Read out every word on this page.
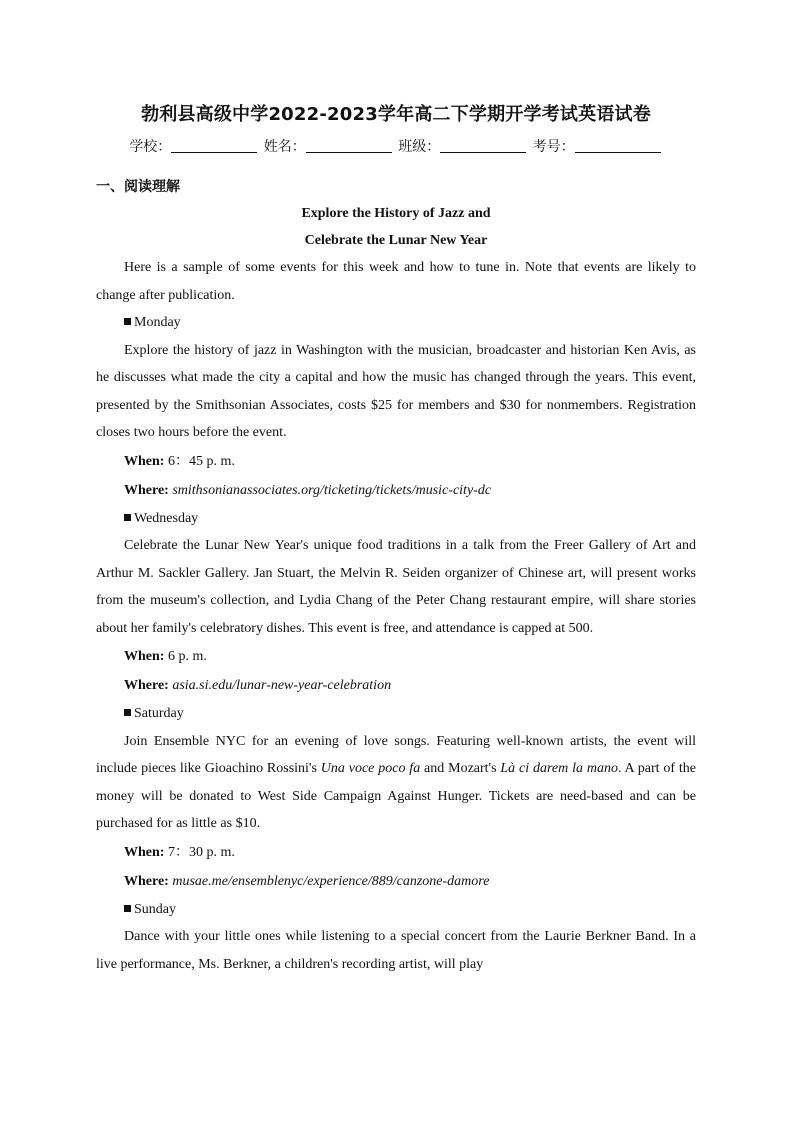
勃利县高级中学2022-2023学年高二下学期开学考试英语试卷
学校：	姓名：	班级：	考号：
一、阅读理解

Explore the History of Jazz and

Celebrate the Lunar New Year

Here is a sample of some events for this week and how to tune in. Note that events are likely to change after publication.

Monday

Explore the history of jazz in Washington with the musician, broadcaster and historian Ken Avis, as he discusses what made the city a capital and how the music has changed through the years. This event, presented by the Smithsonian Associates, costs $25 for members and $30 for nonmembers. Registration closes two hours before the event.

When: 6：45 p. m.
Where: smithsonianassociates.org/ticketing/tickets/music-city-dc
Wednesday

Celebrate the Lunar New Year's unique food traditions in a talk from the Freer Gallery of Art and Arthur M. Sackler Gallery. Jan Stuart, the Melvin R. Seiden organizer of Chinese art, will present works from the museum's collection, and Lydia Chang of the Peter Chang restaurant empire, will share stories about her family's celebratory dishes. This event is free, and attendance is capped at 500.

When: 6 p. m.
Where: asia.si.edu/lunar-new-year-celebration
Saturday

Join Ensemble NYC for an evening of love songs. Featuring well-known artists, the event will include pieces like Gioachino Rossini's Una voce poco fa and Mozart's Là ci darem la mano. A part of the money will be donated to West Side Campaign Against Hunger. Tickets are need-based and can be purchased for as little as $10.

When: 7：30 p. m.
Where: musae.me/ensemblenyc/experience/889/canzone-damore
Sunday

Dance with your little ones while listening to a special concert from the Laurie Berkner Band. In a live performance, Ms. Berkner, a children's recording artist, will play
